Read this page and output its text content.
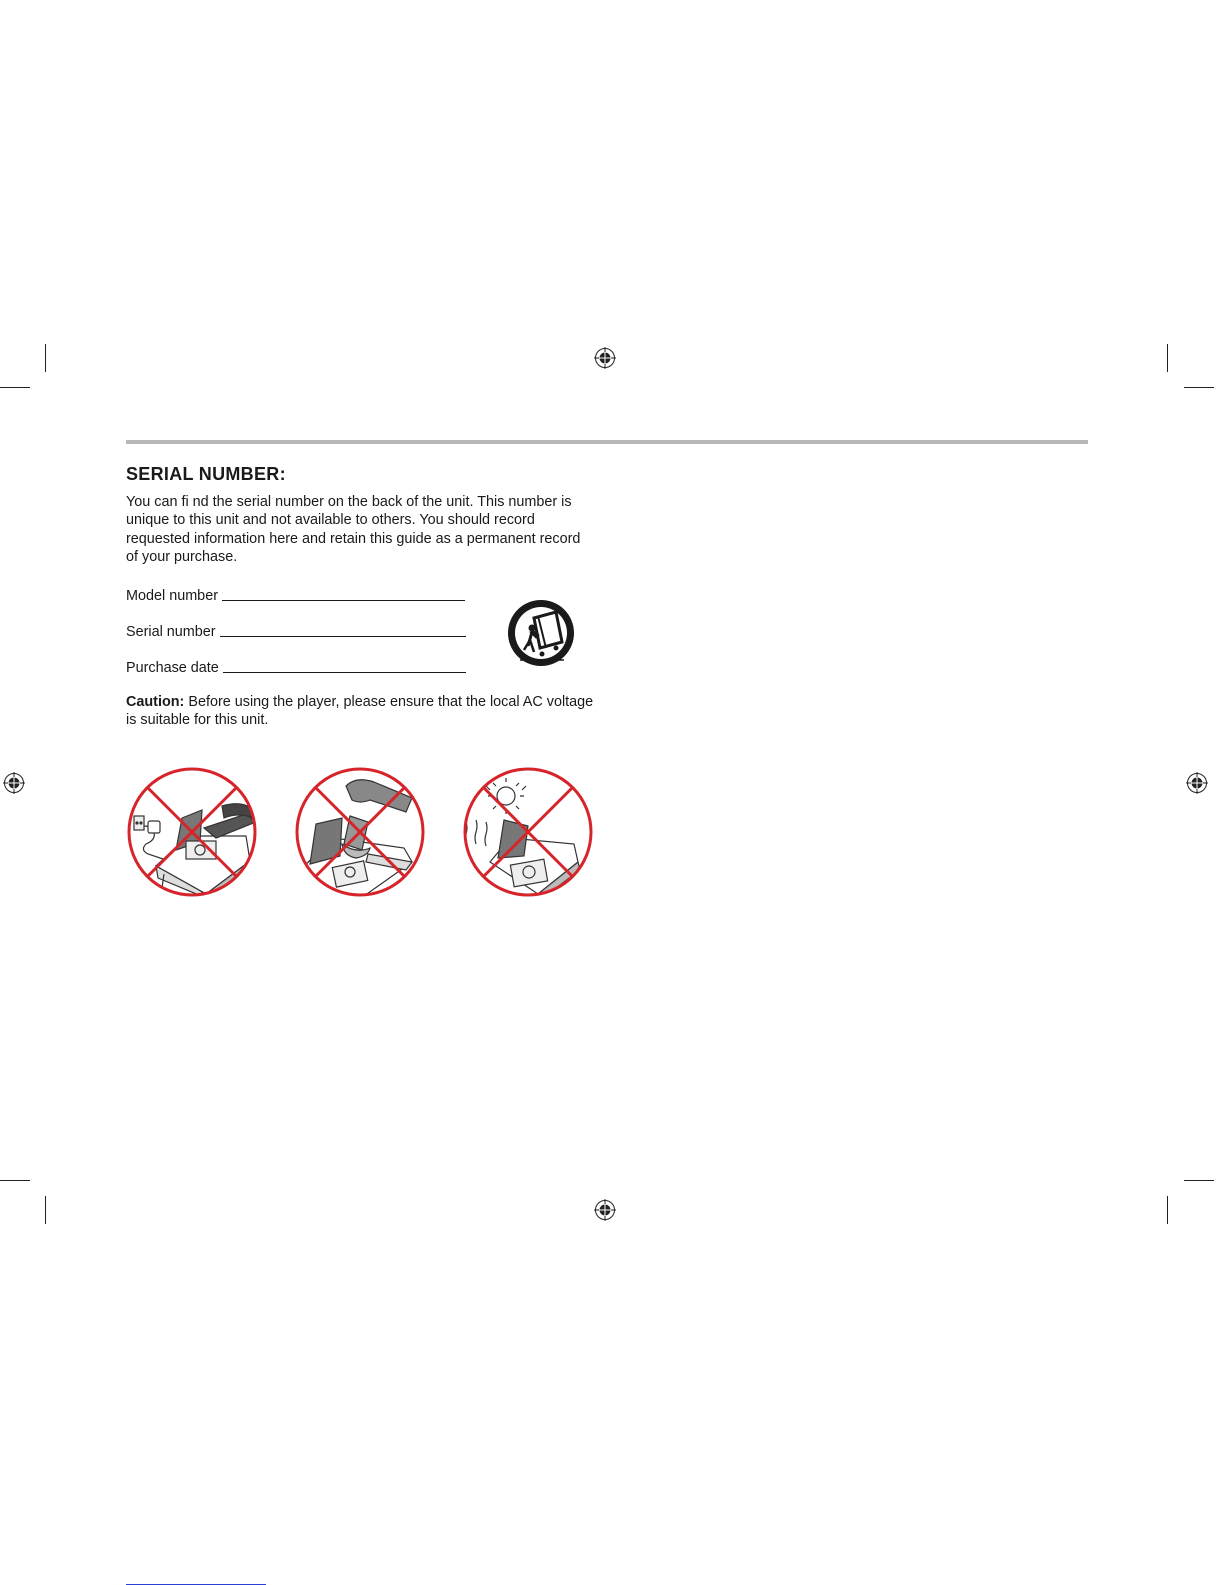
SERIAL NUMBER:

You can fi nd the serial number on the back of the unit. This number is unique to this unit and not available to others. You should record requested information here and retain this guide as a permanent record of your purchase.

Model number
Serial number
Purchase date

Caution: Before using the player, please ensure that the local AC voltage is suitable for this unit.
